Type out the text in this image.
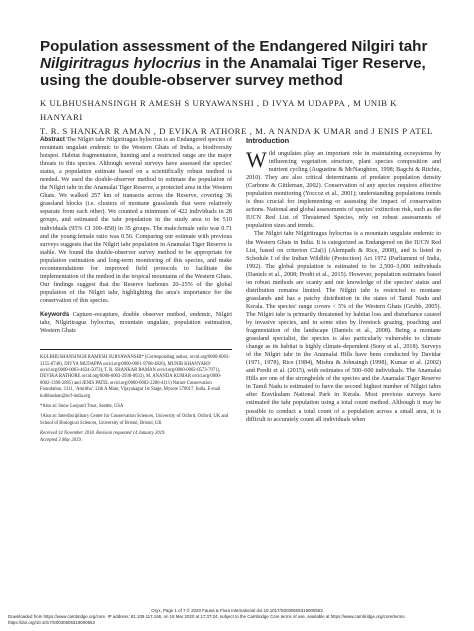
Population assessment of the Endangered Nilgiri tahr
Nilgiritragus hylocrius in the Anamalai Tiger Reserve,
using the double-observer survey method
K ULBHUSHANSINGH R AMESH S URYAWANSHI , D IVYA M UDAPPA , M UNIB K HANYARI
T. R. S HANKAR R AMAN , D EVIKA R ATHORE , M. A NANDA K UMAR and J ENIS P ATEL
Abstract The Nilgiri tahr Nilgiritragus hylocrius is an Endangered species of mountain ungulate endemic to the Western Ghats of India, a biodiversity hotspot. Habitat fragmentation, hunting and a restricted range are the major threats to this species. Although several surveys have assessed the species' status, a population estimate based on a scientifically robust method is needed. We used the double-observer method to estimate the population of the Nilgiri tahr in the Anamalai Tiger Reserve, a protected area in the Western Ghats. We walked 257 km of transects across the Reserve, covering 36 grassland blocks (i.e. clusters of montane grasslands that were relatively separate from each other). We counted a minimum of 422 individuals in 28 groups, and estimated the tahr population in the study area to be 510 individuals (95% CI 300–858) in 35 groups. The male:female ratio was 0.71 and the young:female ratio was 0.56. Comparing our estimate with previous surveys suggests that the Nilgiri tahr population in Anamalai Tiger Reserve is stable. We found the double-observer survey method to be appropriate for population estimation and long-term monitoring of this species, and make recommendations for improved field protocols to facilitate the implementation of the method in the tropical mountains of the Western Ghats. Our findings suggest that the Reserve harbours 20–25% of the global population of the Nilgiri tahr, highlighting the area's importance for the conservation of this species.
Keywords Capture–recapture, double observer method, endemic, Nilgiri tahr, Nilgiritragus hylocrius, mountain ungulate, population estimation, Western Ghats

KULBHUSHANSINGH RAMESH SURYAWANSHI* (Corresponding author, orcid.org/0000-0003-3155-0748), DIVYA MUDAPPA orcid.org/0000-0001-9708-4826), MUNIB KHANYARI† orcid.org/0000-0003-4624-5073), T. R. SHANKAR RAMAN orcid.org/0000-0002-0573-7971), DEVIKA RATHORE orcid.org/0000-0003-2938-0033), M. ANANDA KUMAR orcid.org/0000-0002-1390-2895) and JENIS PATEL orcid.org/0000-0002-2280-4111) Nature Conservation Foundation, 1311, 'Amritha', 12th A Main, Vijayanagar 1st Stage, Mysore 570017, India. E-mail kulbhushan@ncf-india.org

*Also at: Snow Leopard Trust, Seattle, USA

†Also at: Interdisciplinary Center for Conservation Sciences, University of Oxford, Oxford, UK and School of Biological Sciences, University of Bristol, Bristol, UK

Received 14 November 2018. Revision requested 14 January 2019.
Accepted 3 May 2019.
Introduction

Wild ungulates play an important role in maintaining ecosystems by influencing vegetation structure, plant species composition and nutrient cycling (Augustine & McNaughton, 1998; Bagchi & Ritchie, 2010). They are also critical determinants of predator population density (Carbone & Gittleman, 2002). Conservation of any species requires effective population monitoring (Yoccoz et al., 2001); understanding populations trends is thus crucial for implementing or assessing the impact of conservation actions. National and global assessments of species' extinction risk, such as the IUCN Red List of Threatened Species, rely on robust assessments of population sizes and trends.

The Nilgiri tahr Nilgiritragus hylocrius is a mountain ungulate endemic to the Western Ghats in India. It is categorized as Endangered on the IUCN Red List, based on criterion C2a(i) (Alempath & Rice, 2008), and is listed in Schedule I of the Indian Wildlife (Protection) Act 1972 (Parliament of India, 1992). The global population is estimated to be 2,500–3,000 individuals (Daniels et al., 2008; Predit et al., 2015). However, population estimates based on robust methods are scanty and our knowledge of the species' status and distribution remains limited. The Nilgiri tahr is restricted to montane grasslands and has a patchy distribution in the states of Tamil Nadu and Kerala. The species' range covers < 5% of the Western Ghats (Grubb, 2005). The Nilgiri tahr is primarily threatened by habitat loss and disturbance caused by invasive species, and in some sites by livestock grazing, poaching and fragmentation of the landscape (Daniels et al., 2008). Being a montane grassland specialist, the species is also particularly vulnerable to climate change as its habitat is highly climate-dependent (Sony et al., 2018). Surveys of the Nilgiri tahr in the Anamalai Hills have been conducted by Davidar (1971, 1978), Rice (1984), Mishra & Johnsingh (1998), Kumar et al. (2002) and Predit et al. (2015), with estimates of 500–600 individuals. The Anamalai Hills are one of the strongholds of the species and the Anamalai Tiger Reserve in Tamil Nadu is estimated to have the second highest number of Nilgiri tahrs after Eravikulam National Park in Kerala. Most previous surveys have estimated the tahr population using a total count method. Although it may be possible to conduct a total count of a population across a small area, it is difficult to accurately count all individuals when

Oryx, Page 1 of 7 © 2020 Fauna & Flora International doi:10.1017/S0030605319000553
Downloaded from https://www.cambridge.org/core. IP address: 81.109.117.166, on 18 Mar 2020 at 17:37:24, subject to the Cambridge Core terms of use, available at https://www.cambridge.org/core/terms. https://doi.org/10.1017/S0030605319000553
